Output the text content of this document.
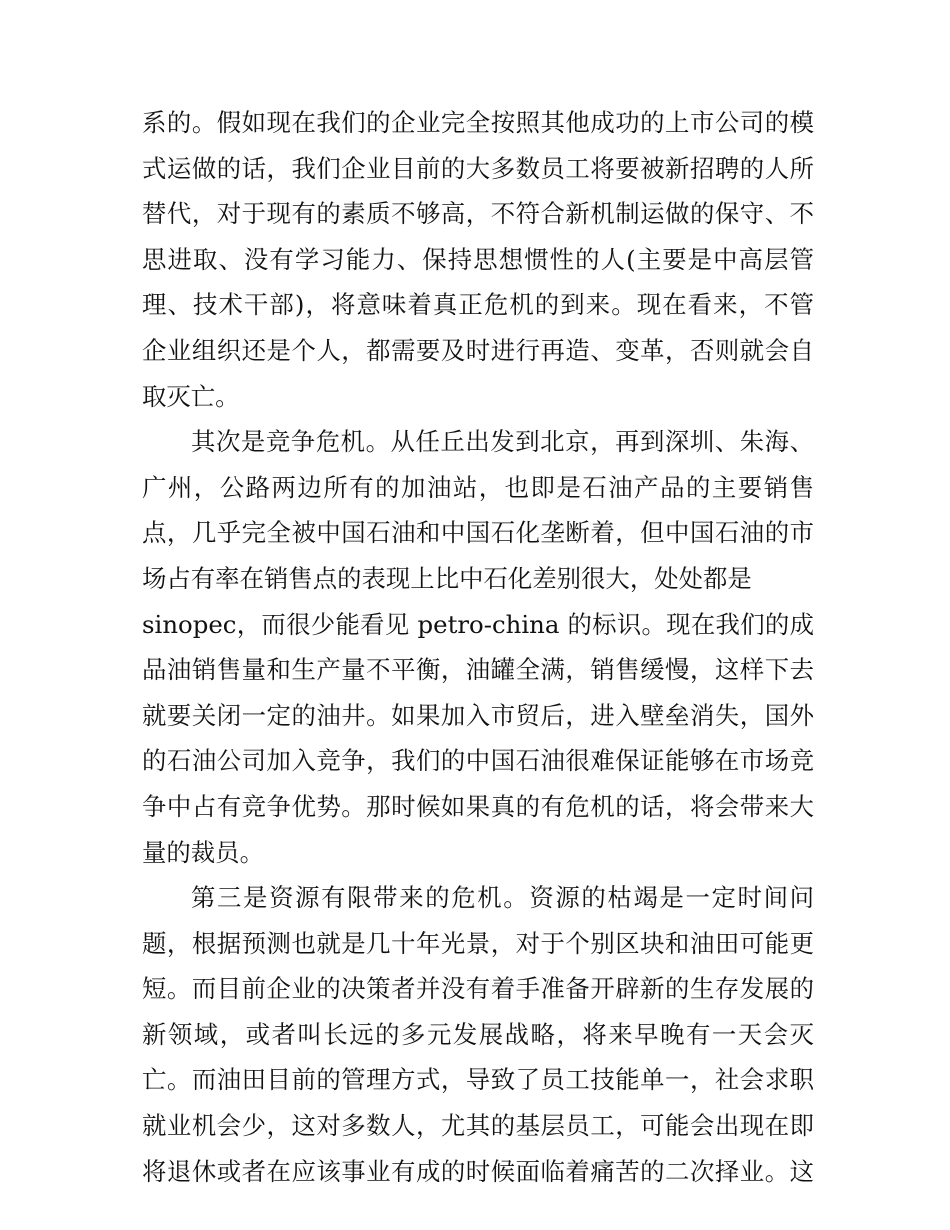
系的。假如现在我们的企业完全按照其他成功的上市公司的模
式运做的话，我们企业目前的大多数员工将要被新招聘的人所
替代，对于现有的素质不够高，不符合新机制运做的保守、不
思进取、没有学习能力、保持思想惯性的人(主要是中高层管
理、技术干部)，将意味着真正危机的到来。现在看来，不管
企业组织还是个人，都需要及时进行再造、变革，否则就会自
取灭亡。
其次是竞争危机。从任丘出发到北京，再到深圳、朱海、
广州，公路两边所有的加油站，也即是石油产品的主要销售
点，几乎完全被中国石油和中国石化垄断着，但中国石油的市
场占有率在销售点的表现上比中石化差别很大，处处都是
sinopec，而很少能看见 petro-china 的标识。现在我们的成
品油销售量和生产量不平衡，油罐全满，销售缓慢，这样下去
就要关闭一定的油井。如果加入市贸后，进入壁垒消失，国外
的石油公司加入竞争，我们的中国石油很难保证能够在市场竞
争中占有竞争优势。那时候如果真的有危机的话，将会带来大
量的裁员。
第三是资源有限带来的危机。资源的枯竭是一定时间问
题，根据预测也就是几十年光景，对于个别区块和油田可能更
短。而目前企业的决策者并没有着手准备开辟新的生存发展的
新领域，或者叫长远的多元发展战略，将来早晚有一天会灭
亡。而油田目前的管理方式，导致了员工技能单一，社会求职
就业机会少，这对多数人，尤其的基层员工，可能会出现在即
将退休或者在应该事业有成的时候面临着痛苦的二次择业。这
